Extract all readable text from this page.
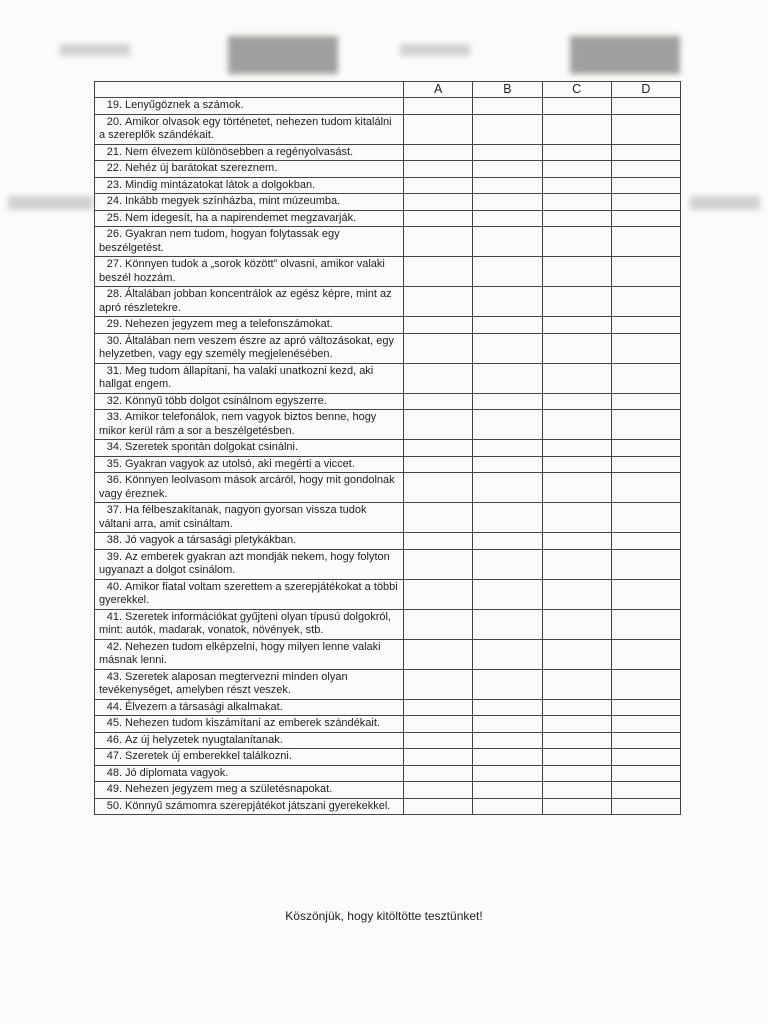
	A	B	C	D
19. Lenyűgöznek a számok.				
20. Amikor olvasok egy történetet, nehezen tudom kitalálni a szereplők szándékait.				
21. Nem élvezem különösebben a regényolvasást.				
22. Nehéz új barátokat szereznem.				
23. Mindig mintázatokat látok a dolgokban.				
24. Inkább megyek színházba, mint múzeumba.				
25. Nem idegesít, ha a napirendemet megzavarják.				
26. Gyakran nem tudom, hogyan folytassak egy beszélgetést.				
27. Könnyen tudok a „sorok között” olvasni, amikor valaki beszél hozzám.				
28. Általában jobban koncentrálok az egész képre, mint az apró részletekre.				
29. Nehezen jegyzem meg a telefonszámokat.				
30. Általában nem veszem észre az apró változásokat, egy helyzetben, vagy egy személy megjelenésében.				
31. Meg tudom állapítani, ha valaki unatkozni kezd, aki hallgat engem.				
32. Könnyű több dolgot csinálnom egyszerre.				
33. Amikor telefonálok, nem vagyok biztos benne, hogy mikor kerül rám a sor a beszélgetésben.				
34. Szeretek spontán dolgokat csinálni.				
35. Gyakran vagyok az utolsó, aki megérti a viccet.				
36. Könnyen leolvasom mások arcáról, hogy mit gondolnak vagy éreznek.				
37. Ha félbeszakítanak, nagyon gyorsan vissza tudok váltani arra, amit csináltam.				
38. Jó vagyok a társasági pletykákban.				
39. Az emberek gyakran azt mondják nekem, hogy folyton ugyanazt a dolgot csinálom.				
40. Amikor fiatal voltam szerettem a szerepjátékokat a többi gyerekkel.				
41. Szeretek információkat gyűjteni olyan típusú dolgokról, mint: autók, madarak, vonatok, növények, stb.				
42. Nehezen tudom elképzelni, hogy milyen lenne valaki másnak lenni.				
43. Szeretek alaposan megtervezni minden olyan tevékenységet, amelyben részt veszek.				
44. Élvezem a társasági alkalmakat.				
45. Nehezen tudom kiszámítani az emberek szándékait.				
46. Az új helyzetek nyugtalanítanak.				
47. Szeretek új emberekkel találkozni.				
48. Jó diplomata vagyok.				
49. Nehezen jegyzem meg a születésnapokat.				
50. Könnyű számomra szerepjátékot játszani gyerekekkel.				
Köszönjük, hogy kitöltötte tesztünket!
